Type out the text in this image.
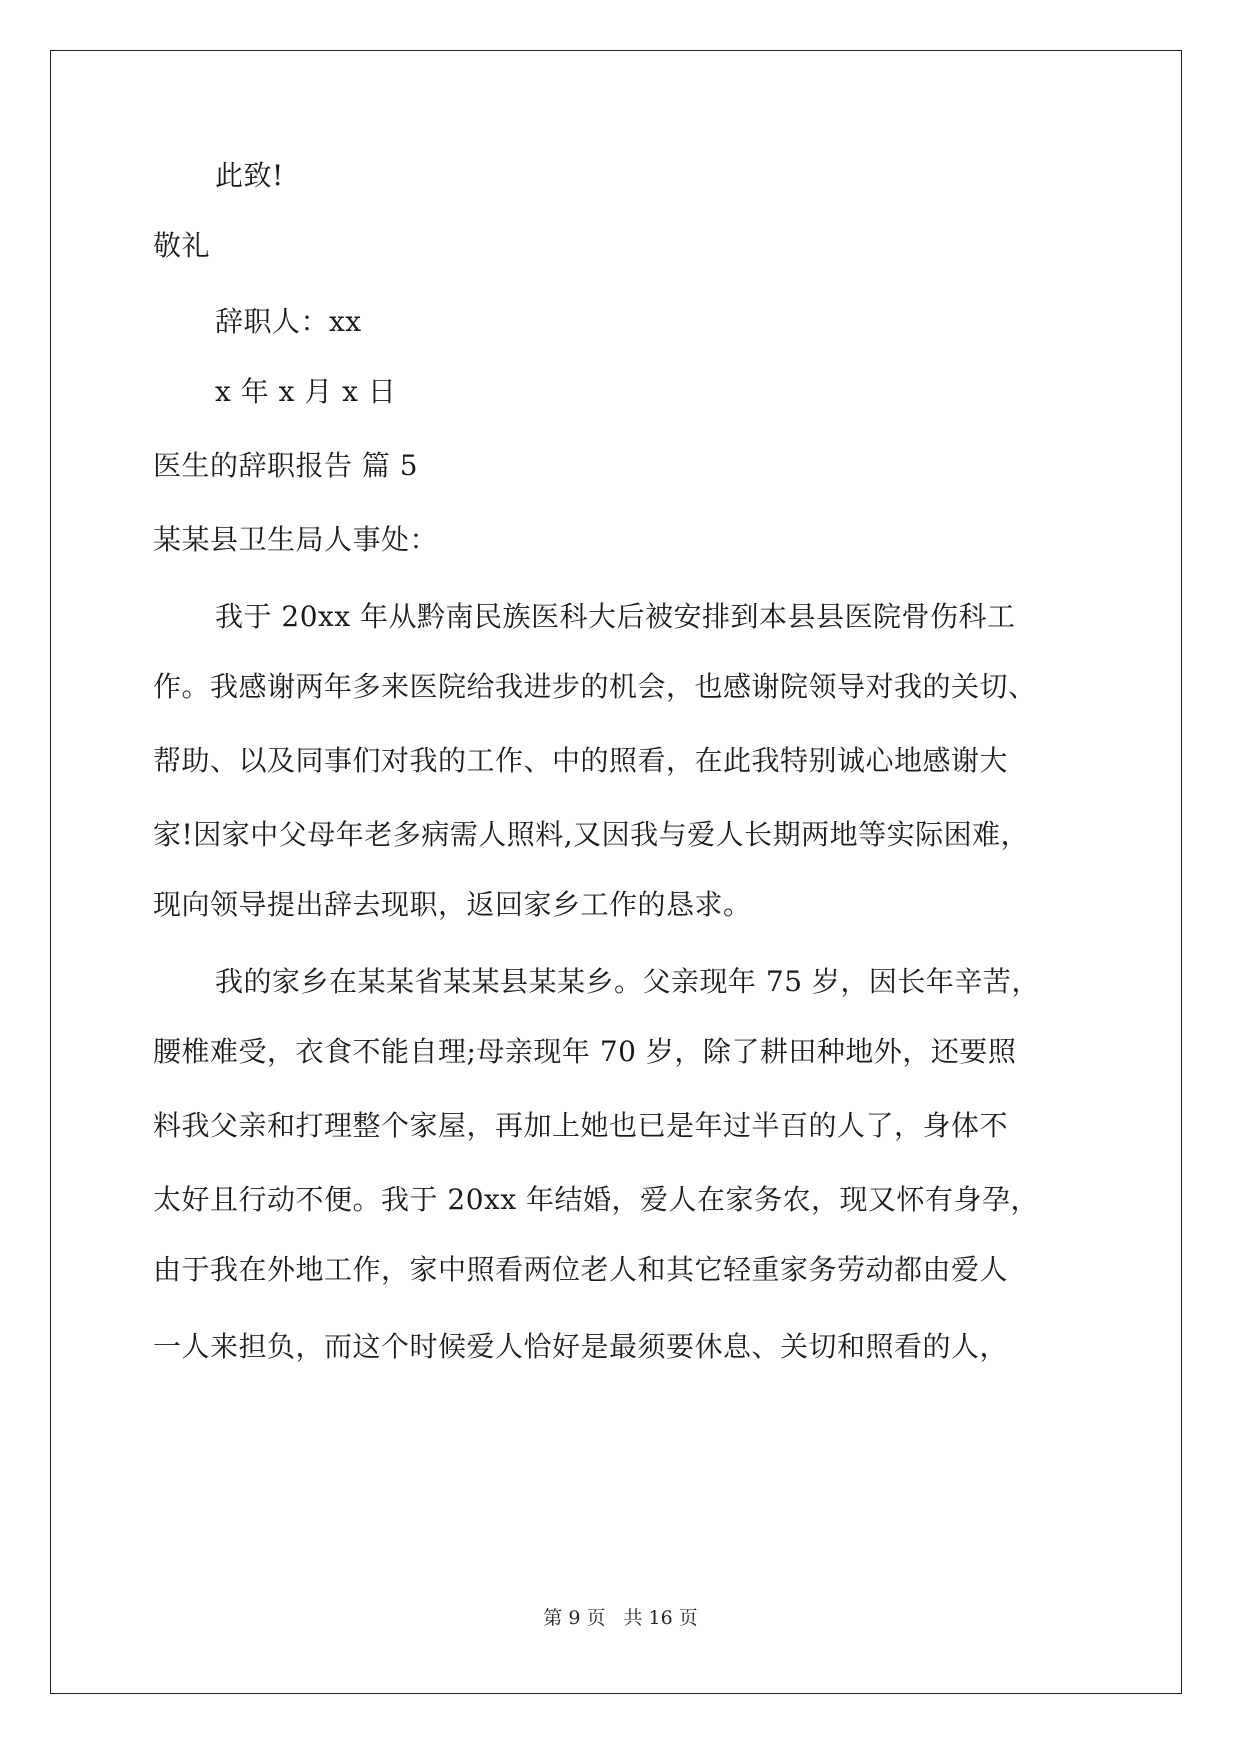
此致!
敬礼
辞职人：xx
x 年 x 月 x 日
医生的辞职报告 篇 5
某某县卫生局人事处：
我于 20xx 年从黔南民族医科大后被安排到本县县医院骨伤科工
作。我感谢两年多来医院给我进步的机会，也感谢院领导对我的关切、
帮助、以及同事们对我的工作、中的照看，在此我特别诚心地感谢大
家!因家中父母年老多病需人照料,又因我与爱人长期两地等实际困难，
现向领导提出辞去现职，返回家乡工作的恳求。
我的家乡在某某省某某县某某乡。父亲现年 75 岁，因长年辛苦，
腰椎难受，衣食不能自理;母亲现年 70 岁，除了耕田种地外，还要照
料我父亲和打理整个家屋，再加上她也已是年过半百的人了，身体不
太好且行动不便。我于 20xx 年结婚，爱人在家务农，现又怀有身孕，
由于我在外地工作，家中照看两位老人和其它轻重家务劳动都由爱人
一人来担负，而这个时候爱人恰好是最须要休息、关切和照看的人，
第 9 页 共 16 页
